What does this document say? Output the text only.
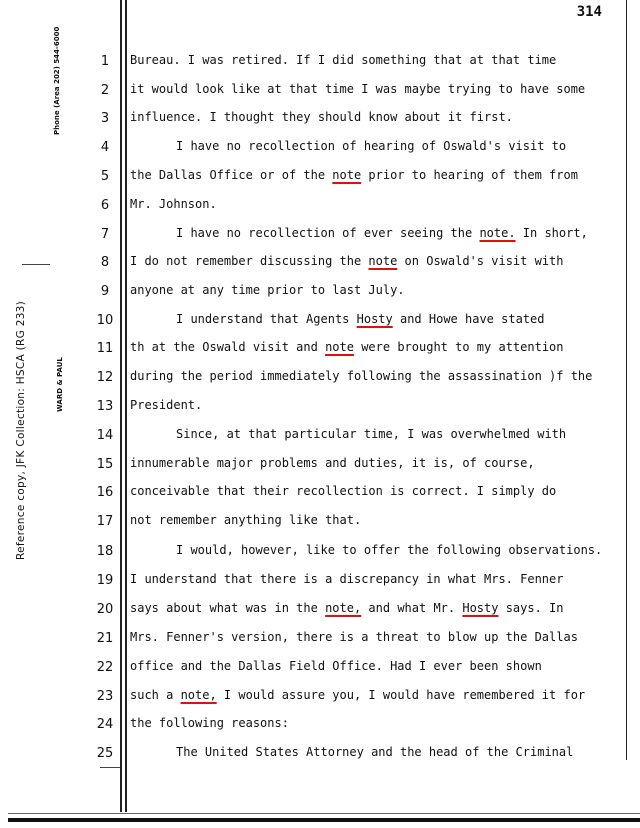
314
Phone (Area 202) 544-6000
WARD & PAUL
Reference copy, JFK Collection: HSCA (RG 233)
1	Bureau. I was retired. If I did something that at that time
2	it would look like at that time I was maybe trying to have some
3	influence. I thought they should know about it first.
4	I have no recollection of hearing of Oswald's visit to
5	the Dallas Office or of the note prior to hearing of them from
6	Mr. Johnson.
7	I have no recollection of ever seeing the note. In short,
8	I do not remember discussing the note on Oswald's visit with
9	anyone at any time prior to last July.
10	I understand that Agents Hosty and Howe have stated
11	th at the Oswald visit and note were brought to my attention
12	during the period immediately following the assassination )f the
13	President.
14	Since, at that particular time, I was overwhelmed with
15	innumerable major problems and duties, it is, of course,
16	conceivable that their recollection is correct. I simply do
17	not remember anything like that.
18	I would, however, like to offer the following observations.
19	I understand that there is a discrepancy in what Mrs. Fenner
20	says about what was in the note, and what Mr. Hosty says. In
21	Mrs. Fenner's version, there is a threat to blow up the Dallas
22	office and the Dallas Field Office. Had I ever been shown
23	such a note, I would assure you, I would have remembered it for
24	the following reasons:
25	The United States Attorney and the head of the Criminal
